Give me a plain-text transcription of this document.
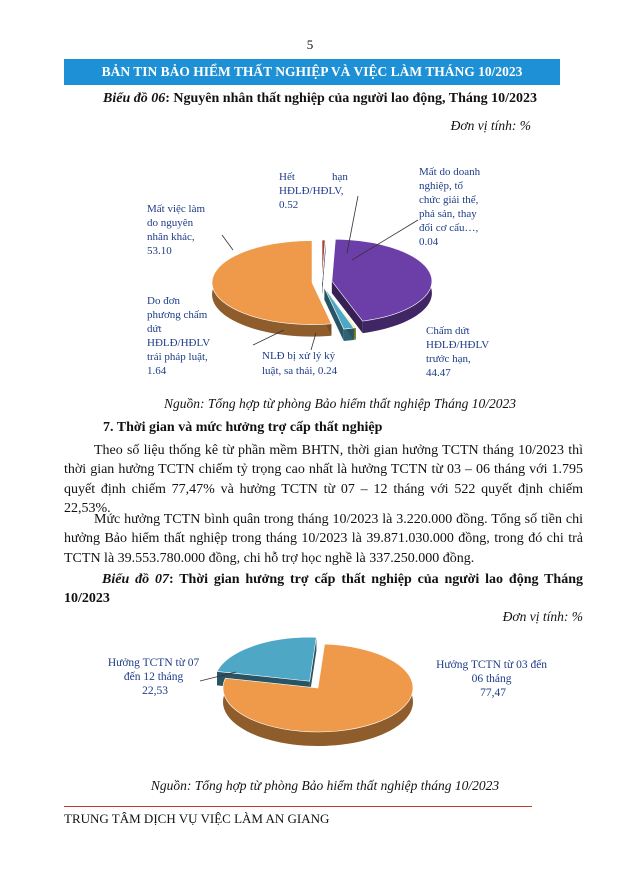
5
BẢN TIN BẢO HIỂM THẤT NGHIỆP VÀ VIỆC LÀM THÁNG 10/2023
Biểu đồ 06: Nguyên nhân thất nghiệp của người lao động, Tháng 10/2023
Đơn vị tính: %
Hết	hạn HĐLĐ/HĐLV, 0.52
Mất do doanh nghiệp, tổ chức giải thể, phá sản, thay đổi cơ cấu…, 0.04
Chấm dứt HĐLĐ/HĐLV trước hạn, 44.47
NLĐ bị xử lý kỷ luật, sa thải, 0.24
Do đơn phương chấm dứt HĐLĐ/HĐLV trái pháp luật, 1.64
Mất việc làm do nguyên nhân khác, 53.10
Nguồn: Tổng hợp từ phòng Bảo hiểm thất nghiệp Tháng 10/2023
7. Thời gian và mức hưởng trợ cấp thất nghiệp
Theo số liệu thống kê từ phần mềm BHTN, thời gian hưởng TCTN tháng 10/2023 thì thời gian hưởng TCTN chiếm tỷ trọng cao nhất là hưởng TCTN từ 03 – 06 tháng với 1.795 quyết định chiếm 77,47% và hưởng TCTN từ 07 – 12 tháng với 522 quyết định chiếm 22,53%.
Mức hưởng TCTN bình quân trong tháng 10/2023 là 3.220.000 đồng. Tổng số tiền chi hưởng Bảo hiểm thất nghiệp trong tháng 10/2023 là 39.871.030.000 đồng, trong đó chi trả TCTN là 39.553.780.000 đồng, chi hỗ trợ học nghề là 337.250.000 đồng.
Biểu đồ 07: Thời gian hưởng trợ cấp thất nghiệp của người lao động Tháng 10/2023
Đơn vị tính: %
Hưởng TCTN từ 03 đến 06 tháng 77,47
Hưởng TCTN từ 07 đến 12 tháng 22,53
Nguồn: Tổng hợp từ phòng Bảo hiểm thất nghiệp tháng 10/2023
TRUNG TÂM DỊCH VỤ VIỆC LÀM AN GIANG
